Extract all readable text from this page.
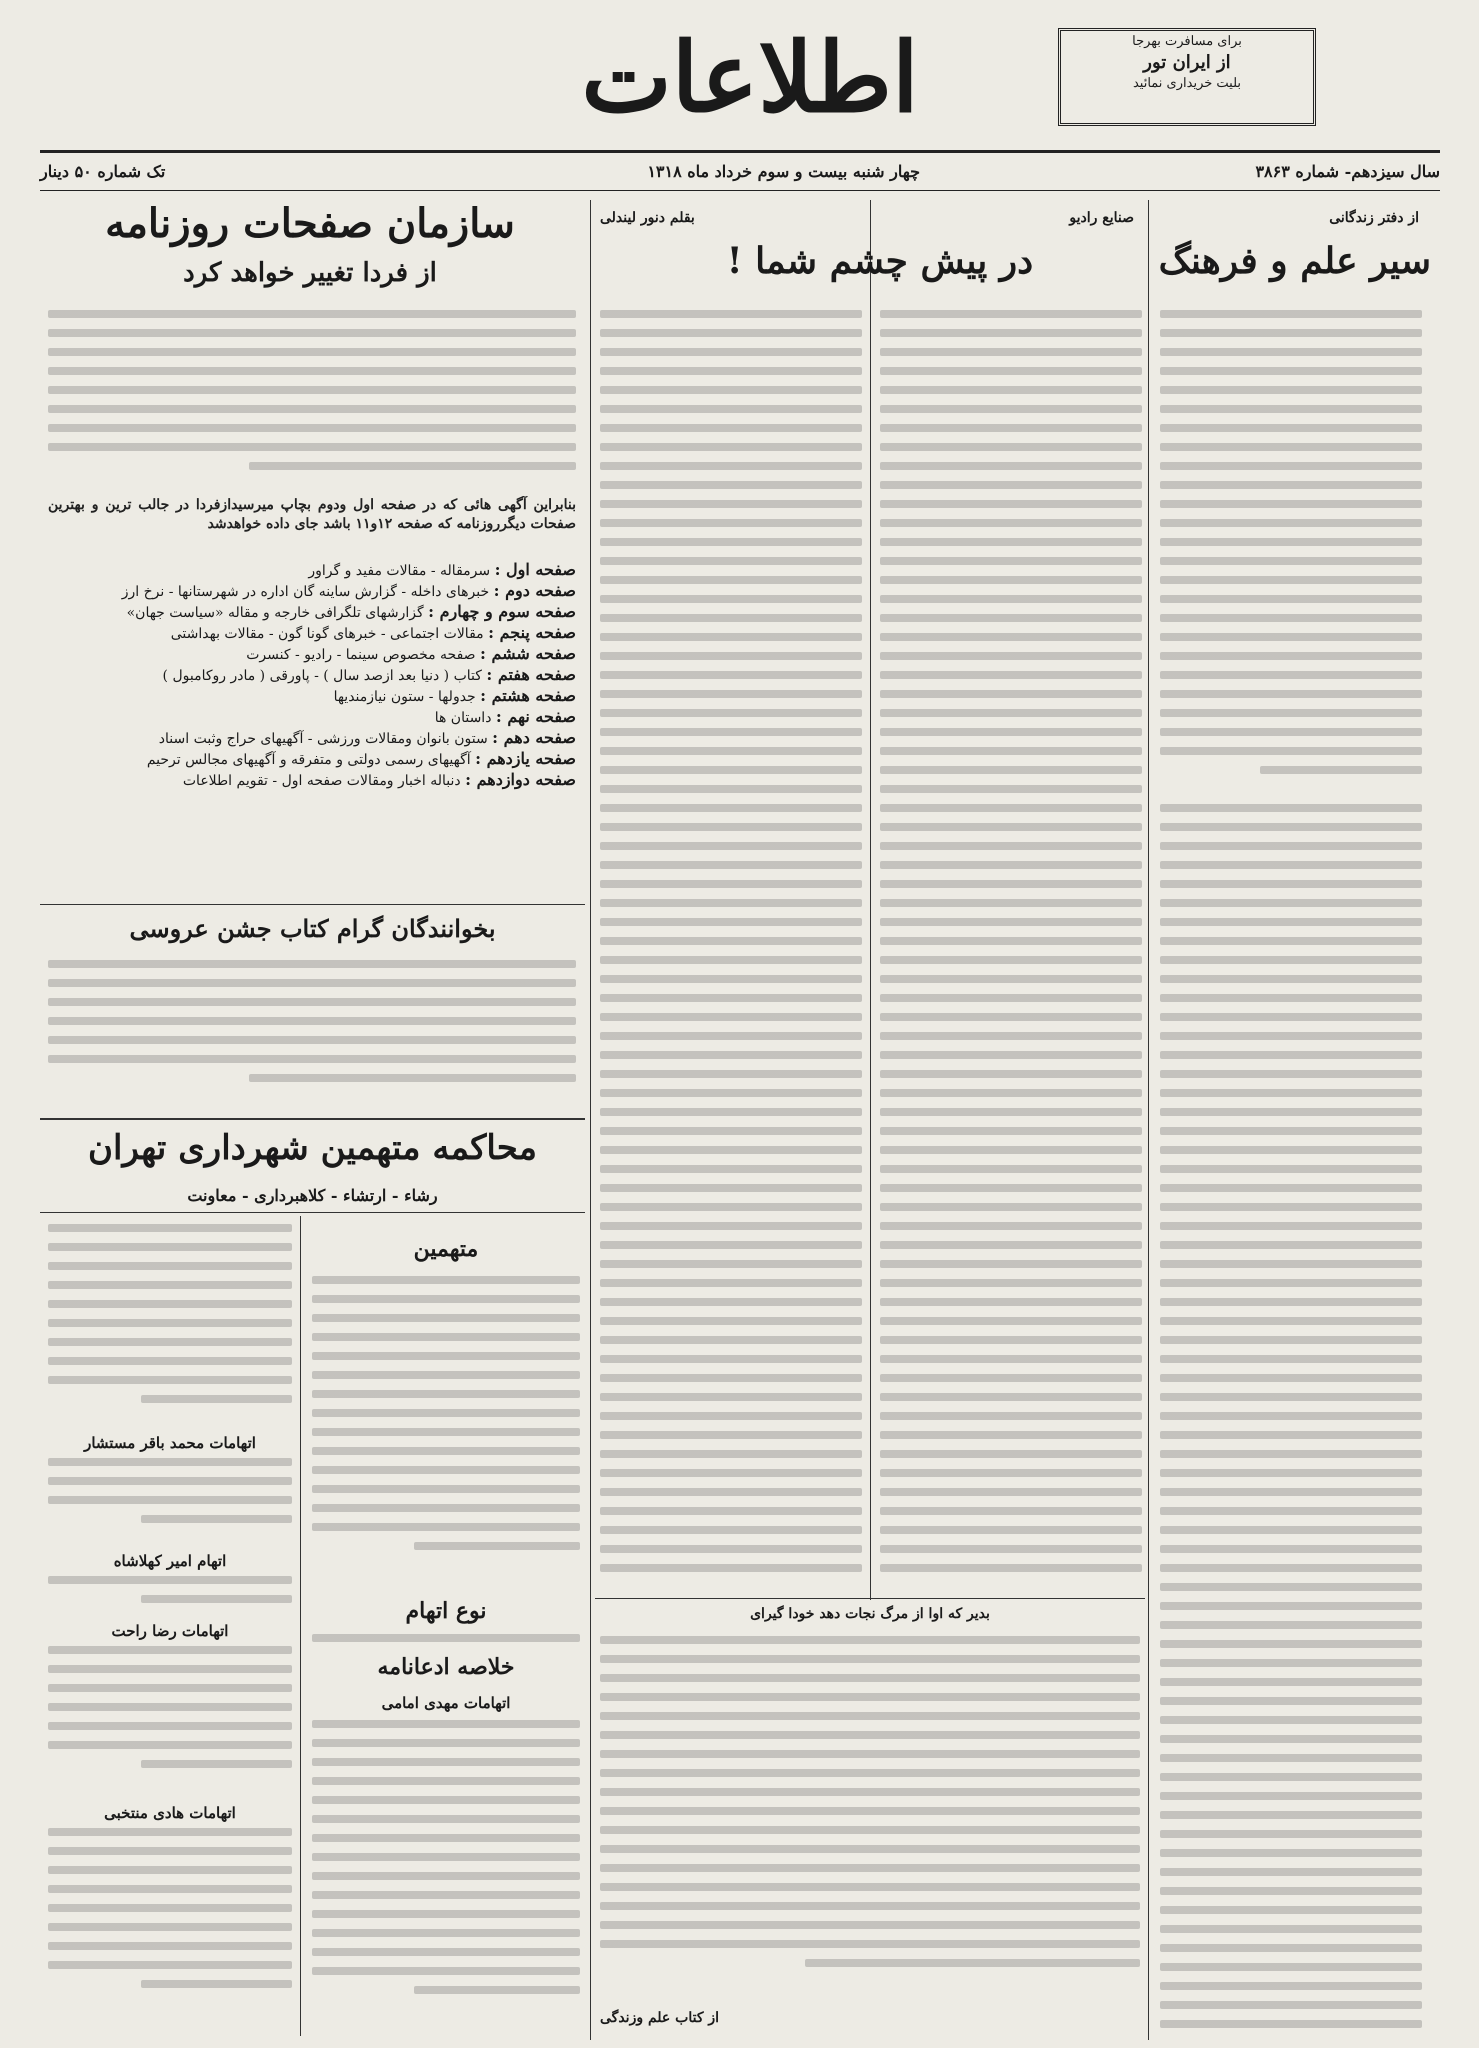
اطلاعات	برای مسافرت بهرجا
از ایران تور
بلیت خریداری نمائید
سال سیزدهم- شماره ۳۸۶۳
چهار شنبه بیست و سوم خرداد ماه ۱۳۱۸
تک شماره ۵۰ دینار
از دفتر زندگانی
سیر علم و فرهنگ
صنایع رادیو
بقلم دنور لیندلی
در پیش چشم شما !
بدیر که اوا از مرگ نجات دهد خودا گیرای
از کتاب علم وزندگی
سازمان صفحات روزنامه
از فردا تغییر خواهد کرد
بنابراین آگهی هائی که در صفحه اول ودوم بچاپ میرسیدازفردا در جالب ترین و بهترین صفحات دیگرروزنامه که صفحه ۱۲و۱۱ باشد جای داده خواهدشد
صفحه اول : سرمقاله - مقالات مفید و گراور
صفحه دوم : خبرهای داخله - گزارش ساینه گان اداره در شهرستانها - نرخ ارز
صفحه سوم و چهارم : گزارشهای تلگرافی خارجه و مقاله «سیاست جهان»
صفحه پنجم : مقالات اجتماعی - خبرهای گونا گون - مقالات بهداشتی
صفحه ششم : صفحه مخصوص سینما - رادیو - کنسرت
صفحه هفتم : کتاب ( دنیا بعد ازصد سال ) - پاورقی ( مادر روکامبول )
صفحه هشتم : جدولها - ستون نیازمندیها
صفحه نهم : داستان ها
صفحه دهم : ستون بانوان ومقالات ورزشی - آگهیهای حراج وثبت اسناد
صفحه یازدهم : آگهیهای رسمی دولتی و متفرقه و آگهیهای مجالس ترحیم
صفحه دوازدهم : دنباله اخبار ومقالات صفحه اول - تقویم اطلاعات
بخوانندگان گرام کتاب جشن عروسی
محاکمه متهمین شهرداری تهران
رشاء - ارتشاء - کلاهبرداری - معاونت
اتهامات محمد باقر مستشار
اتهام امیر کهلاشاه
اتهامات رضا راحت
اتهامات هادی منتخبی
متهمین
نوع اتهام
خلاصه ادعانامه
اتهامات مهدی امامی
